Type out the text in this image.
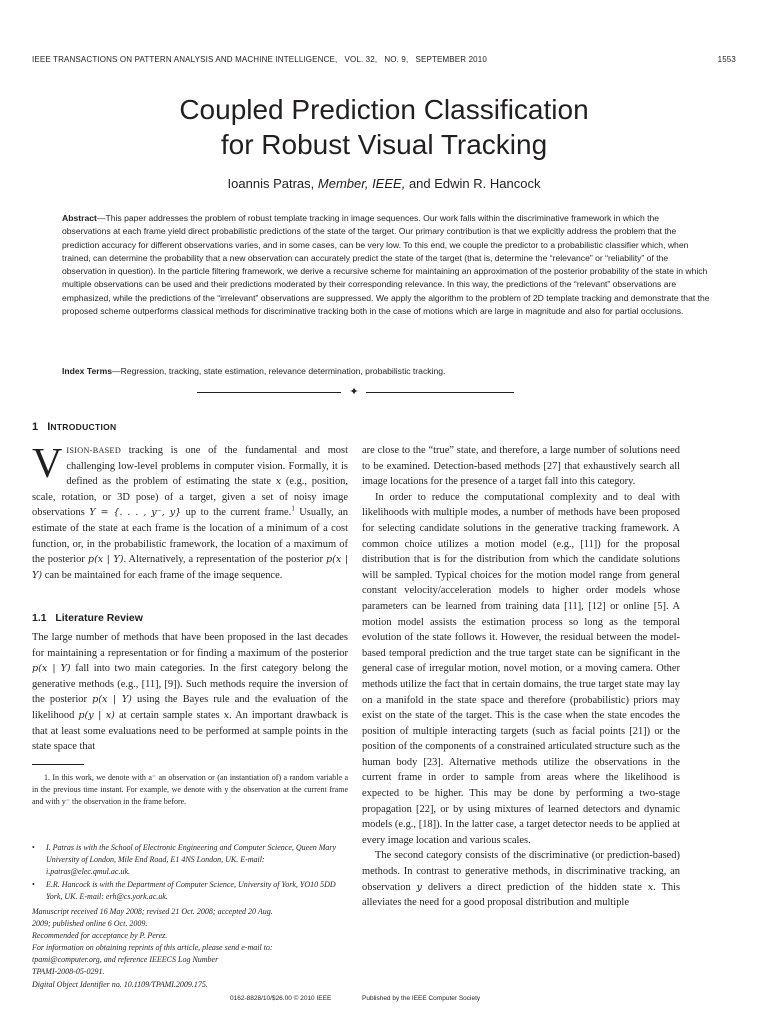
IEEE TRANSACTIONS ON PATTERN ANALYSIS AND MACHINE INTELLIGENCE,   VOL. 32,   NO. 9,   SEPTEMBER 2010	1553
Coupled Prediction Classification
for Robust Visual Tracking
Ioannis Patras, Member, IEEE, and Edwin R. Hancock
Abstract—This paper addresses the problem of robust template tracking in image sequences. Our work falls within the discriminative framework in which the observations at each frame yield direct probabilistic predictions of the state of the target. Our primary contribution is that we explicitly address the problem that the prediction accuracy for different observations varies, and in some cases, can be very low. To this end, we couple the predictor to a probabilistic classifier which, when trained, can determine the probability that a new observation can accurately predict the state of the target (that is, determine the “relevance” or “reliability” of the observation in question). In the particle filtering framework, we derive a recursive scheme for maintaining an approximation of the posterior probability of the state in which multiple observations can be used and their predictions moderated by their corresponding relevance. In this way, the predictions of the “relevant” observations are emphasized, while the predictions of the “irrelevant” observations are suppressed. We apply the algorithm to the problem of 2D template tracking and demonstrate that the proposed scheme outperforms classical methods for discriminative tracking both in the case of motions which are large in magnitude and also for partial occlusions.
Index Terms—Regression, tracking, state estimation, relevance determination, probabilistic tracking.
✦
1 INTRODUCTION
VISION-BASED tracking is one of the fundamental and most challenging low-level problems in computer vision. Formally, it is defined as the problem of estimating the state x (e.g., position, scale, rotation, or 3D pose) of a target, given a set of noisy image observations Y = {. . . , y⁻, y} up to the current frame.$^1$ Usually, an estimate of the state at each frame is the location of a minimum of a cost function, or, in the probabilistic framework, the location of a maximum of the posterior p(x | Y). Alternatively, a representation of the posterior p(x | Y) can be maintained for each frame of the image sequence.
1.1   Literature Review
The large number of methods that have been proposed in the last decades for maintaining a representation or for finding a maximum of the posterior p(x | Y) fall into two main categories. In the first category belong the generative methods (e.g., [11], [9]). Such methods require the inversion of the posterior p(x | Y) using the Bayes rule and the evaluation of the likelihood p(y | x) at certain sample states x. An important drawback is that at least some evaluations need to be performed at sample points in the state space that
1. In this work, we denote with a⁻ an observation or (an instantiation of) a random variable a in the previous time instant. For example, we denote with y the observation at the current frame and with y⁻ the observation in the frame before.
• I. Patras is with the School of Electronic Engineering and Computer Science, Queen Mary University of London, Mile End Road, E1 4NS London, UK. E-mail: i.patras@elec.qmul.ac.uk.
• E.R. Hancock is with the Department of Computer Science, University of York, YO10 5DD York, UK. E-mail: erh@cs.york.ac.uk.
Manuscript received 16 May 2008; revised 21 Oct. 2008; accepted 20 Aug.
2009; published online 6 Oct. 2009.
Recommended for acceptance by P. Perez.
For information on obtaining reprints of this article, please send e-mail to:
tpami@computer.org, and reference IEEECS Log Number
TPAMI-2008-05-0291.
Digital Object Identifier no. 10.1109/TPAMI.2009.175.

are close to the “true” state, and therefore, a large number of solutions need to be examined. Detection-based methods [27] that exhaustively search all image locations for the presence of a target fall into this category.

In order to reduce the computational complexity and to deal with likelihoods with multiple modes, a number of methods have been proposed for selecting candidate solutions in the generative tracking framework. A common choice utilizes a motion model (e.g., [11]) for the proposal distribution that is for the distribution from which the candidate solutions will be sampled. Typical choices for the motion model range from general constant velocity/acceleration models to higher order models whose parameters can be learned from training data [11], [12] or online [5]. A motion model assists the estimation process so long as the temporal evolution of the state follows it. However, the residual between the model-based temporal prediction and the true target state can be significant in the general case of irregular motion, novel motion, or a moving camera. Other methods utilize the fact that in certain domains, the true target state may lay on a manifold in the state space and therefore (probabilistic) priors may exist on the state of the target. This is the case when the state encodes the position of multiple interacting targets (such as facial points [21]) or the position of the components of a constrained articulated structure such as the human body [23]. Alternative methods utilize the observations in the current frame in order to sample from areas where the likelihood is expected to be higher. This may be done by performing a two-stage propagation [22], or by using mixtures of learned detectors and dynamic models (e.g., [18]). In the latter case, a target detector needs to be applied at every image location and various scales.

The second category consists of the discriminative (or prediction-based) methods. In contrast to generative methods, in discriminative tracking, an observation y delivers a direct prediction of the hidden state x. This alleviates the need for a good proposal distribution and multiple

0162-8828/10/$26.00 © 2010 IEEE	Published by the IEEE Computer Society
